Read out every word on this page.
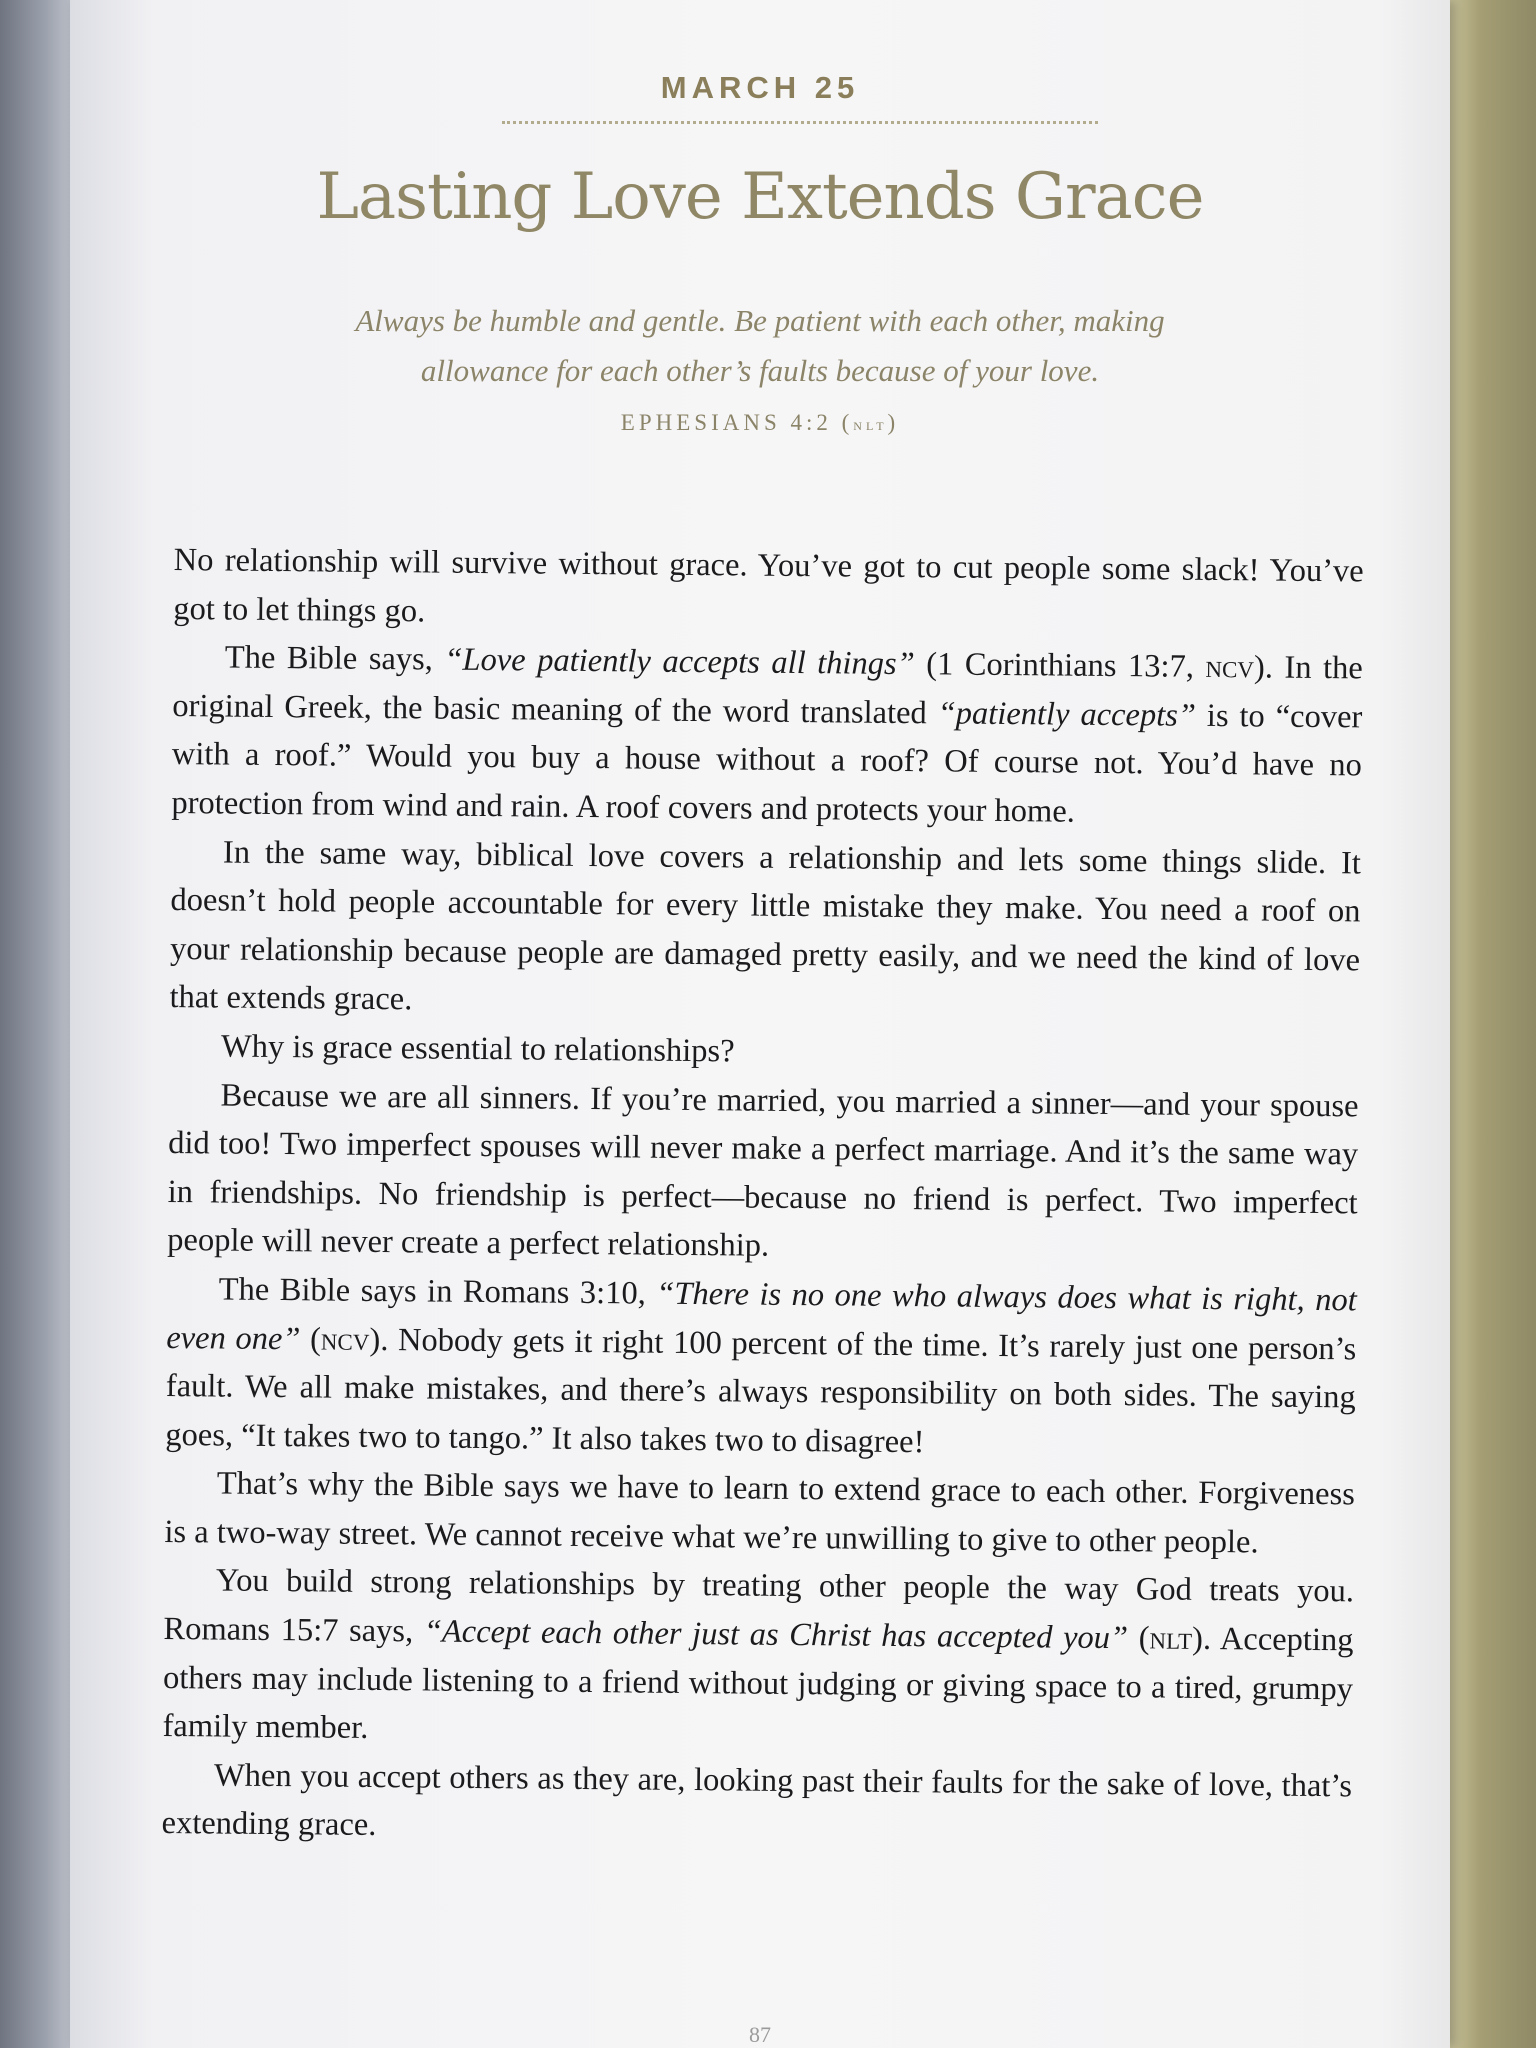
MARCH 25
Lasting Love Extends Grace
Always be humble and gentle. Be patient with each other, making
allowance for each other’s faults because of your love.
EPHESIANS 4:2 (nlt)

No relationship will survive without grace. You’ve got to cut people some slack! You’ve got to let things go.

The Bible says, “Love patiently accepts all things” (1 Corinthians 13:7, ncv). In the original Greek, the basic meaning of the word translated “patiently accepts” is to “cover with a roof.” Would you buy a house without a roof? Of course not. You’d have no protection from wind and rain. A roof covers and protects your home.

In the same way, biblical love covers a relationship and lets some things slide. It doesn’t hold people accountable for every little mistake they make. You need a roof on your relationship because people are damaged pretty easily, and we need the kind of love that extends grace.

Why is grace essential to relationships?

Because we are all sinners. If you’re married, you married a sinner—and your spouse did too! Two imperfect spouses will never make a perfect marriage. And it’s the same way in friendships. No friendship is perfect—because no friend is perfect. Two imperfect people will never create a perfect relationship.

The Bible says in Romans 3:10, “There is no one who always does what is right, not even one” (ncv). Nobody gets it right 100 percent of the time. It’s rarely just one person’s fault. We all make mistakes, and there’s always responsibility on both sides. The saying goes, “It takes two to tango.” It also takes two to disagree!

That’s why the Bible says we have to learn to extend grace to each other. Forgiveness is a two-way street. We cannot receive what we’re unwilling to give to other people.

You build strong relationships by treating other people the way God treats you. Romans 15:7 says, “Accept each other just as Christ has accepted you” (nlt). Accepting others may include listening to a friend without judging or giving space to a tired, grumpy family member.

When you accept others as they are, looking past their faults for the sake of love, that’s extending grace.

87
